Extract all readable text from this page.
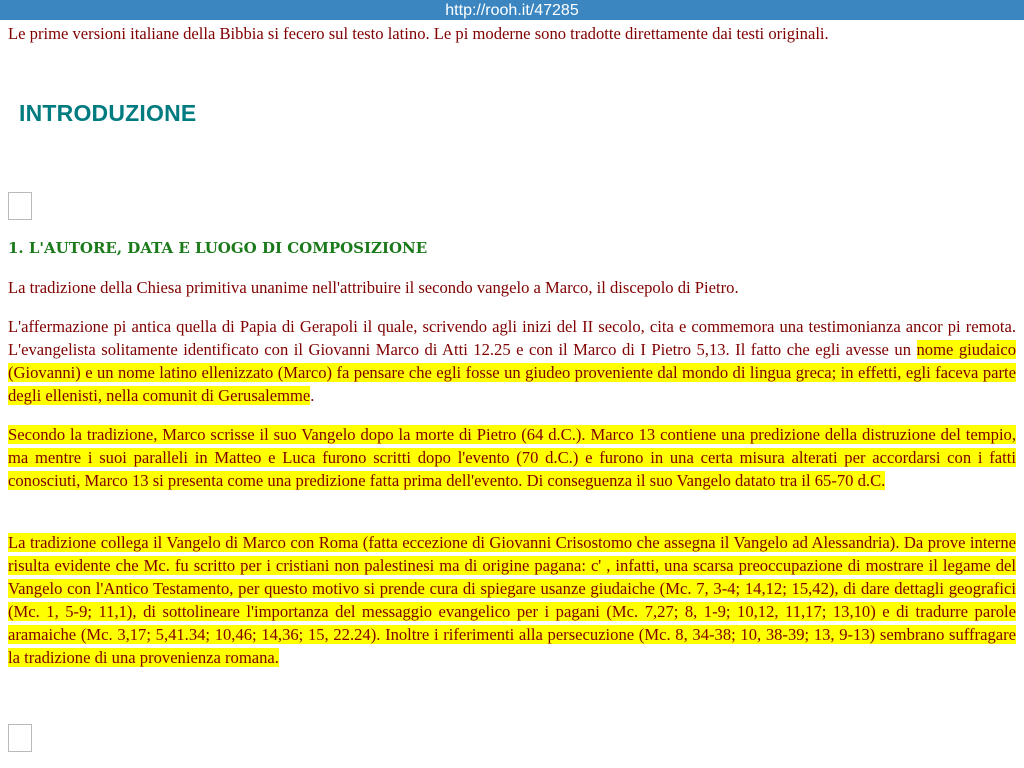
http://rooh.it/47285

Le prime versioni italiane della Bibbia si fecero sul testo latino. Le pi moderne sono tradotte direttamente dai testi originali.

INTRODUZIONE
1. L'AUTORE, DATA E LUOGO DI COMPOSIZIONE

La tradizione della Chiesa primitiva unanime nell'attribuire il secondo vangelo a Marco, il discepolo di Pietro.

L'affermazione pi antica quella di Papia di Gerapoli il quale, scrivendo agli inizi del II secolo, cita e commemora una testimonianza ancor pi remota. L'evangelista solitamente identificato con il Giovanni Marco di Atti 12.25 e con il Marco di I Pietro 5,13. Il fatto che egli avesse un nome giudaico (Giovanni) e un nome latino ellenizzato (Marco) fa pensare che egli fosse un giudeo proveniente dal mondo di lingua greca; in effetti, egli faceva parte degli ellenisti, nella comunit di Gerusalemme.

Secondo la tradizione, Marco scrisse il suo Vangelo dopo la morte di Pietro (64 d.C.). Marco 13 contiene una predizione della distruzione del tempio, ma mentre i suoi paralleli in Matteo e Luca furono scritti dopo l'evento (70 d.C.) e furono in una certa misura alterati per accordarsi con i fatti conosciuti, Marco 13 si presenta come una predizione fatta prima dell'evento. Di conseguenza il suo Vangelo datato tra il 65-70 d.C.

La tradizione collega il Vangelo di Marco con Roma (fatta eccezione di Giovanni Crisostomo che assegna il Vangelo ad Alessandria). Da prove interne risulta evidente che Mc. fu scritto per i cristiani non palestinesi ma di origine pagana: c' , infatti, una scarsa preoccupazione di mostrare il legame del Vangelo con l'Antico Testamento, per questo motivo si prende cura di spiegare usanze giudaiche (Mc. 7, 3-4; 14,12; 15,42), di dare dettagli geografici (Mc. 1, 5-9; 11,1), di sottolineare l'importanza del messaggio evangelico per i pagani (Mc. 7,27; 8, 1-9; 10,12, 11,17; 13,10) e di tradurre parole aramaiche (Mc. 3,17; 5,41.34; 10,46; 14,36; 15, 22.24). Inoltre i riferimenti alla persecuzione (Mc. 8, 34-38; 10, 38-39; 13, 9-13) sembrano suffragare la tradizione di una provenienza romana.
